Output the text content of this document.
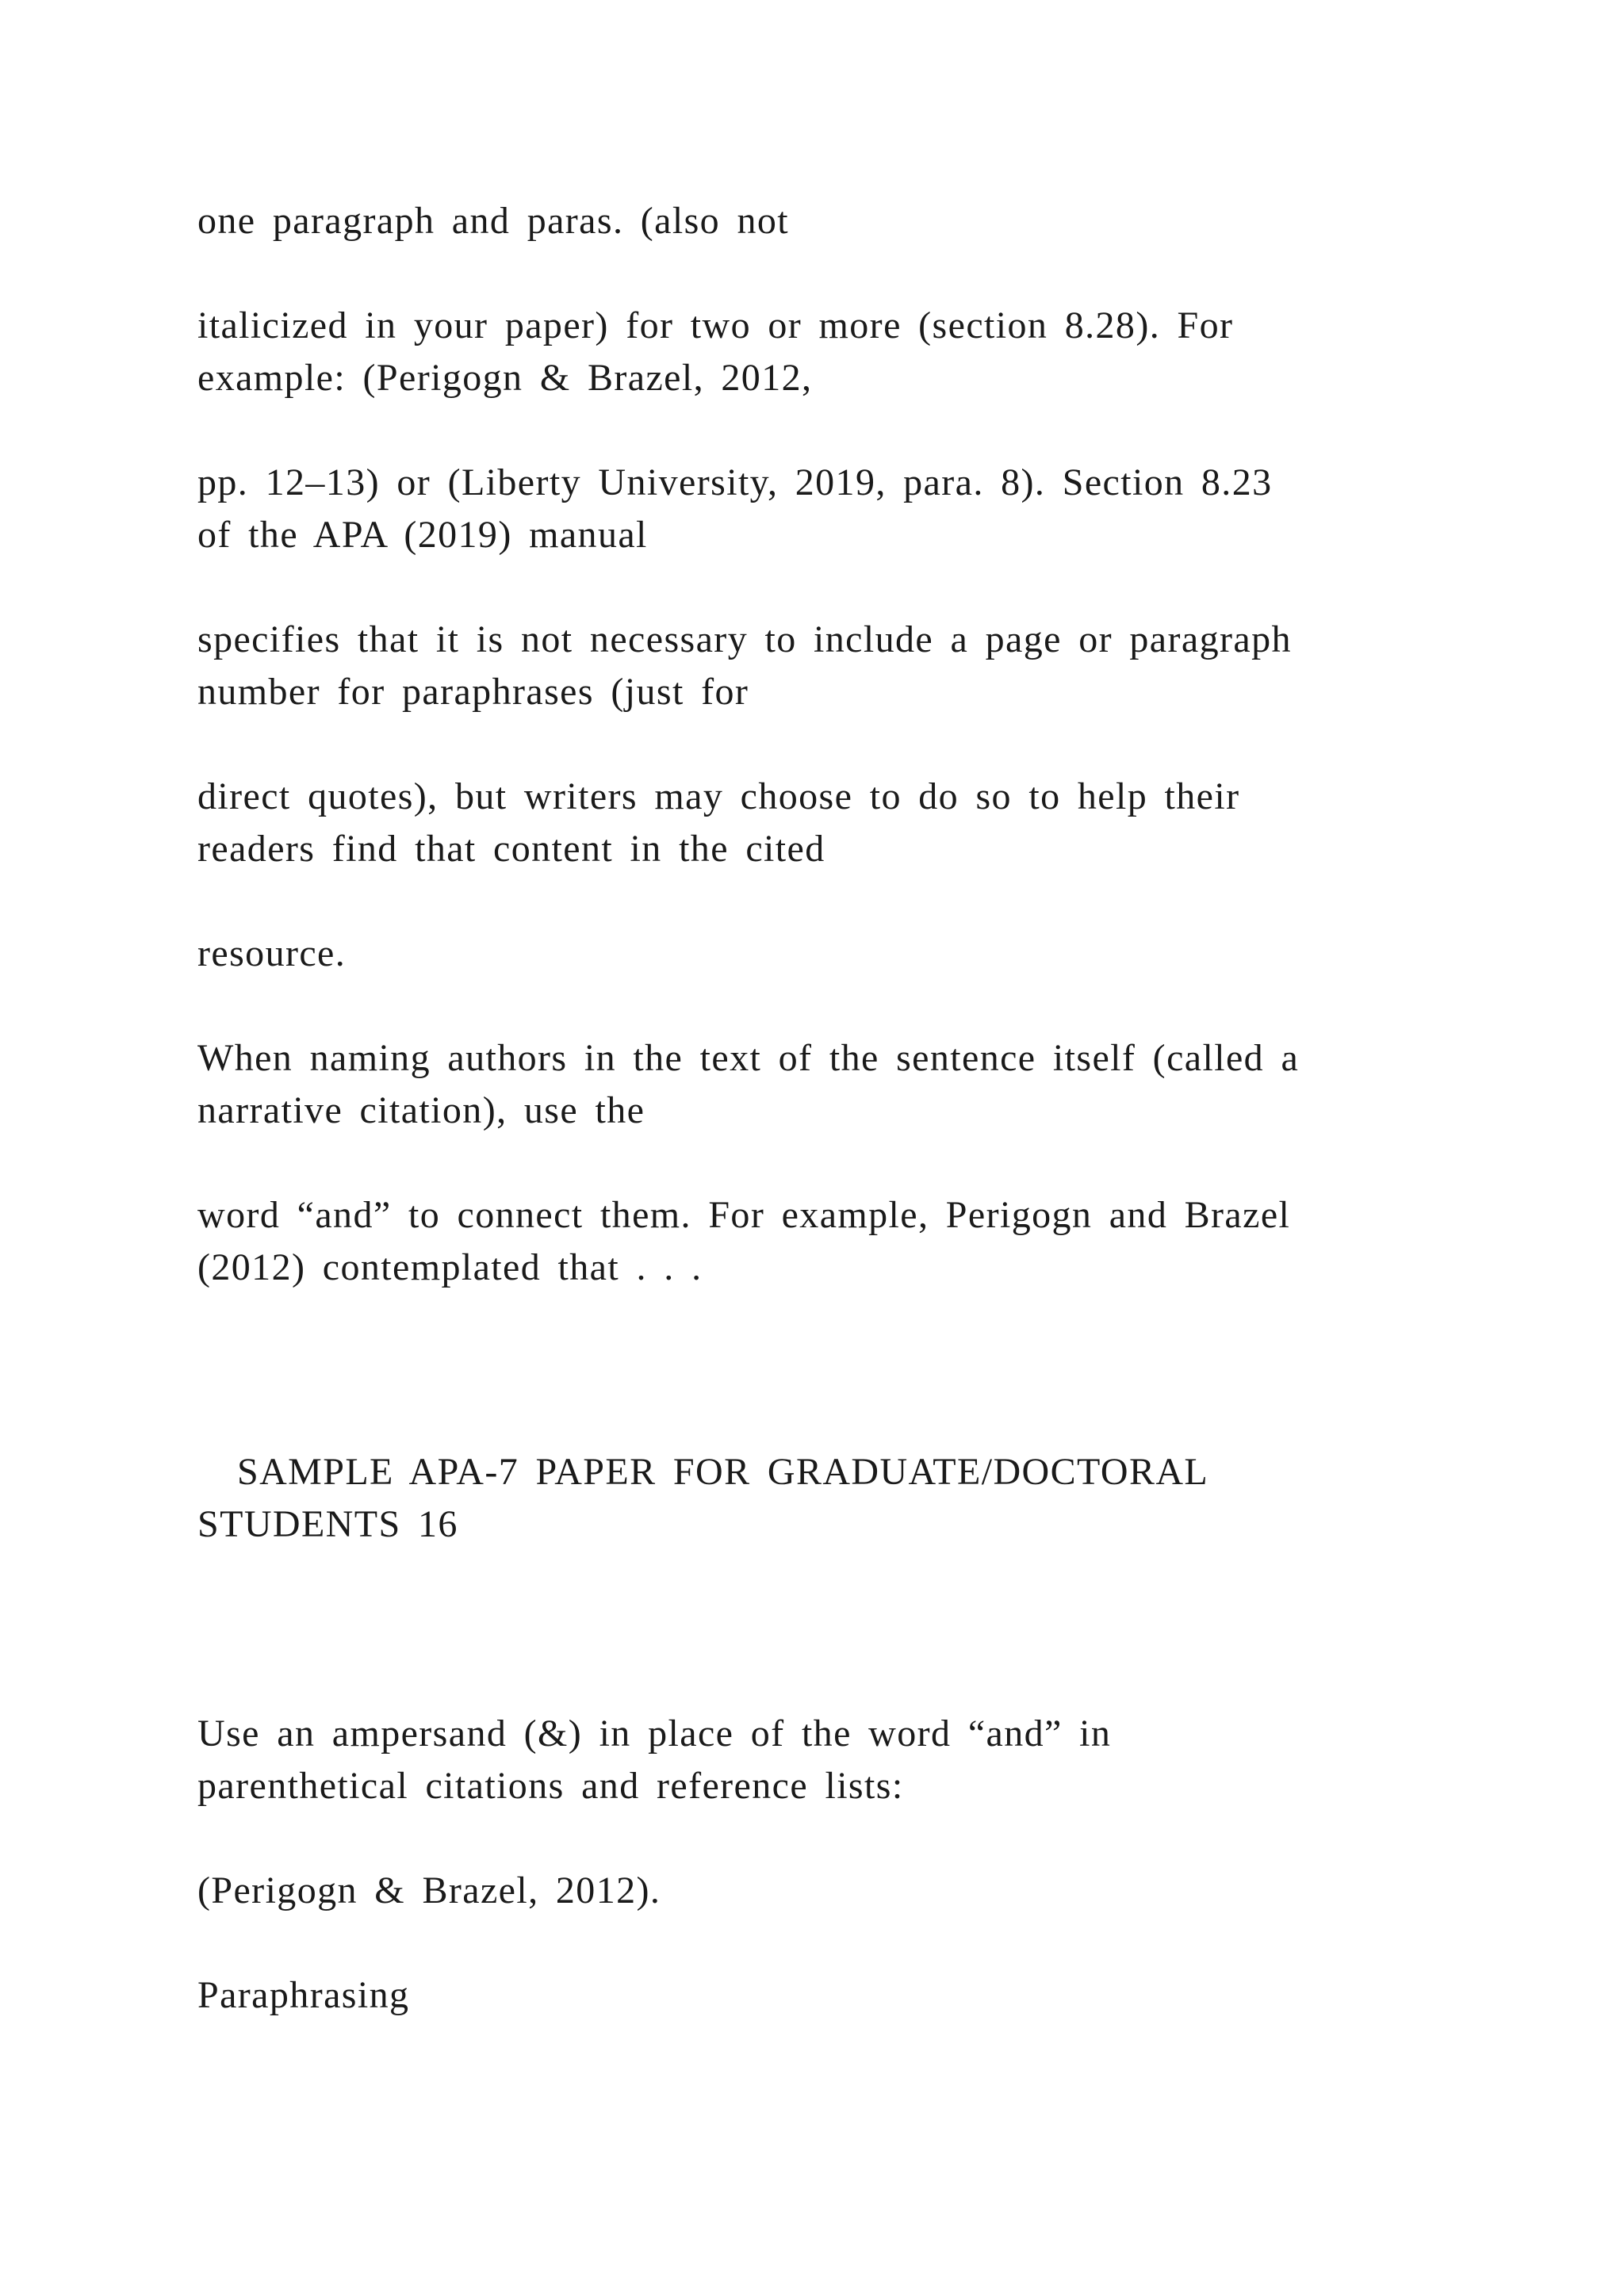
one paragraph and paras. (also not
italicized in your paper) for two or more (section 8.28). For
example: (Perigogn & Brazel, 2012,
pp. 12–13) or (Liberty University, 2019, para. 8). Section 8.23
of the APA (2019) manual
specifies that it is not necessary to include a page or paragraph
number for paraphrases (just for
direct quotes), but writers may choose to do so to help their
readers find that content in the cited
resource.
When naming authors in the text of the sentence itself (called a
narrative citation), use the
word “and” to connect them. For example, Perigogn and Brazel
(2012) contemplated that . . .
SAMPLE APA-7 PAPER FOR GRADUATE/DOCTORAL
STUDENTS 16
Use an ampersand (&) in place of the word “and” in
parenthetical citations and reference lists:
(Perigogn & Brazel, 2012).
Paraphrasing
